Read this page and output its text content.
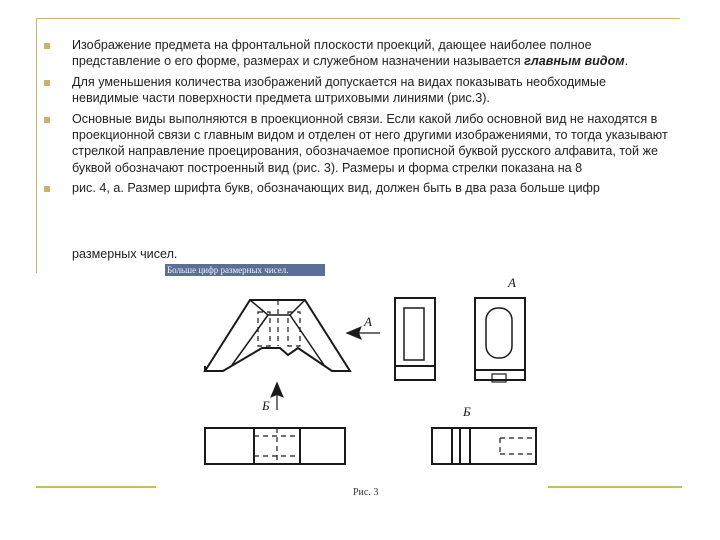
Изображение предмета на фронтальной плоскости проекций, дающее наиболее полное представление о его форме, размерах и служебном назначении называется главным видом.
Для уменьшения количества изображений допускается на видах показывать необходимые невидимые части поверхности предмета штриховыми линиями (рис.3).
Основные виды выполняются в проекционной связи. Если какой либо основной вид не находятся в проекционной связи с главным видом и отделен от него другими изображениями, то тогда указывают стрелкой направление проецирования, обозначаемое прописной буквой русского алфавита, той же буквой обозначают построенный вид (рис. 3). Размеры и форма стрелки показана на 8
рис. 4, а. Размер шрифта букв, обозначающих вид, должен быть в два раза больше цифр
размерных чисел.
Больше цифр размерных чисел.
А
А
Б	Б
Рис. 3
